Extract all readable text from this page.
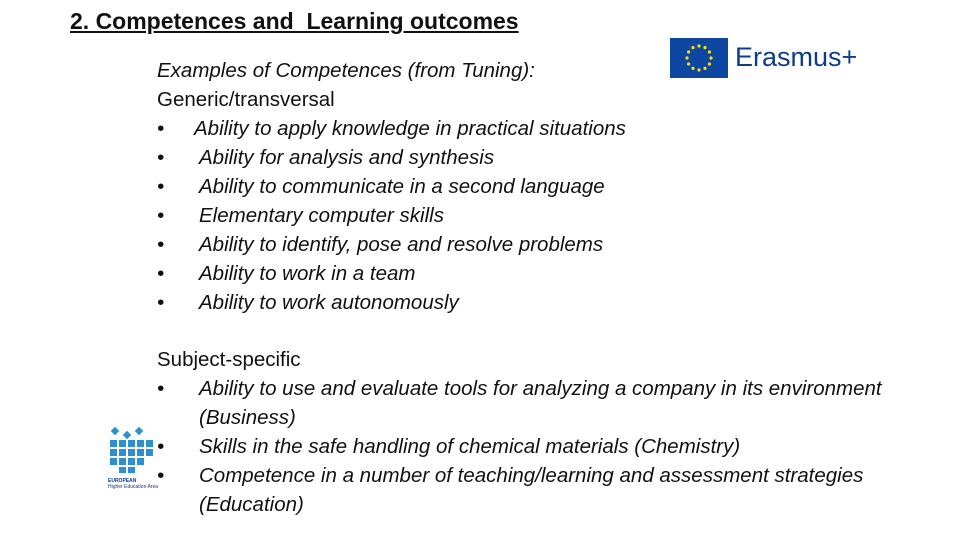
2. Competences and  Learning outcomes
Erasmus+
Examples of Competences (from Tuning):
Generic/transversal
•	Ability to apply knowledge in practical situations
•	Ability for analysis and synthesis
•	Ability to communicate in a second language
•	Elementary computer skills
•	Ability to identify, pose and resolve problems
•	Ability to work in a team
•	Ability to work autonomously
Subject-specific
•	Ability to use and evaluate tools for analyzing a company in its environment (Business)
•	Skills in the safe handling of chemical materials (Chemistry)
•	Competence in a number of teaching/learning and assessment strategies (Education)
EUROPEAN
Higher Education Area
